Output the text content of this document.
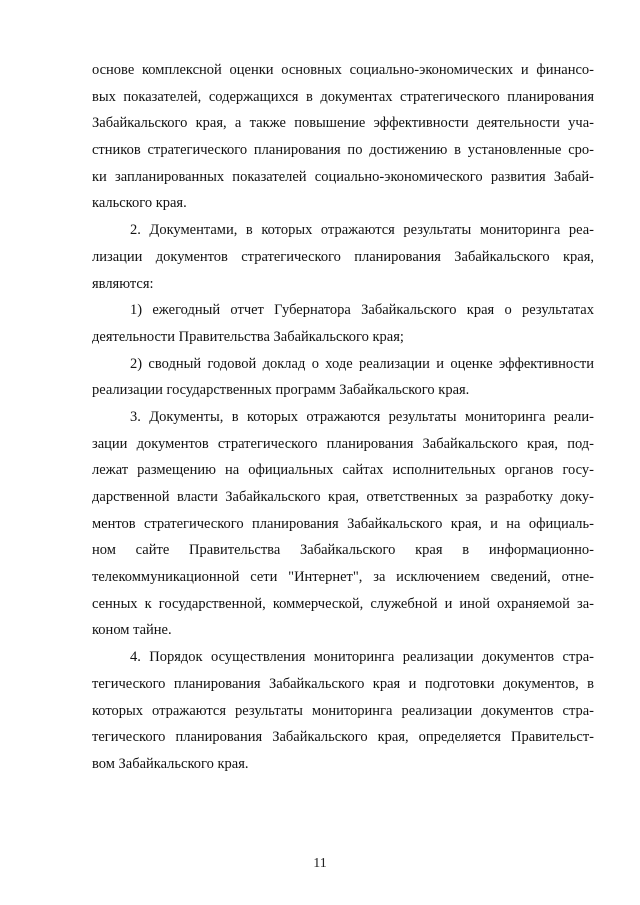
основе комплексной оценки основных социально-экономических и финансо-
вых показателей, содержащихся в документах стратегического планирования
Забайкальского края, а также повышение эффективности деятельности уча-
стников стратегического планирования по достижению в установленные сро-
ки запланированных показателей социально-экономического развития Забай-
кальского края.
2. Документами, в которых отражаются результаты мониторинга реа-
лизации документов стратегического планирования Забайкальского края,
являются:
1) ежегодный отчет Губернатора Забайкальского края о результатах
деятельности Правительства Забайкальского края;
2) сводный годовой доклад о ходе реализации и оценке эффективности
реализации государственных программ Забайкальского края.
3. Документы, в которых отражаются результаты мониторинга реали-
зации документов стратегического планирования Забайкальского края, под-
лежат размещению на официальных сайтах исполнительных органов госу-
дарственной власти Забайкальского края, ответственных за разработку доку-
ментов стратегического планирования Забайкальского края, и на официаль-
ном сайте Правительства Забайкальского края в информационно-
телекоммуникационной сети "Интернет", за исключением сведений, отне-
сенных к государственной, коммерческой, служебной и иной охраняемой за-
коном тайне.
4. Порядок осуществления мониторинга реализации документов стра-
тегического планирования Забайкальского края и подготовки документов, в
которых отражаются результаты мониторинга реализации документов стра-
тегического планирования Забайкальского края, определяется Правительст-
вом Забайкальского края.
11
